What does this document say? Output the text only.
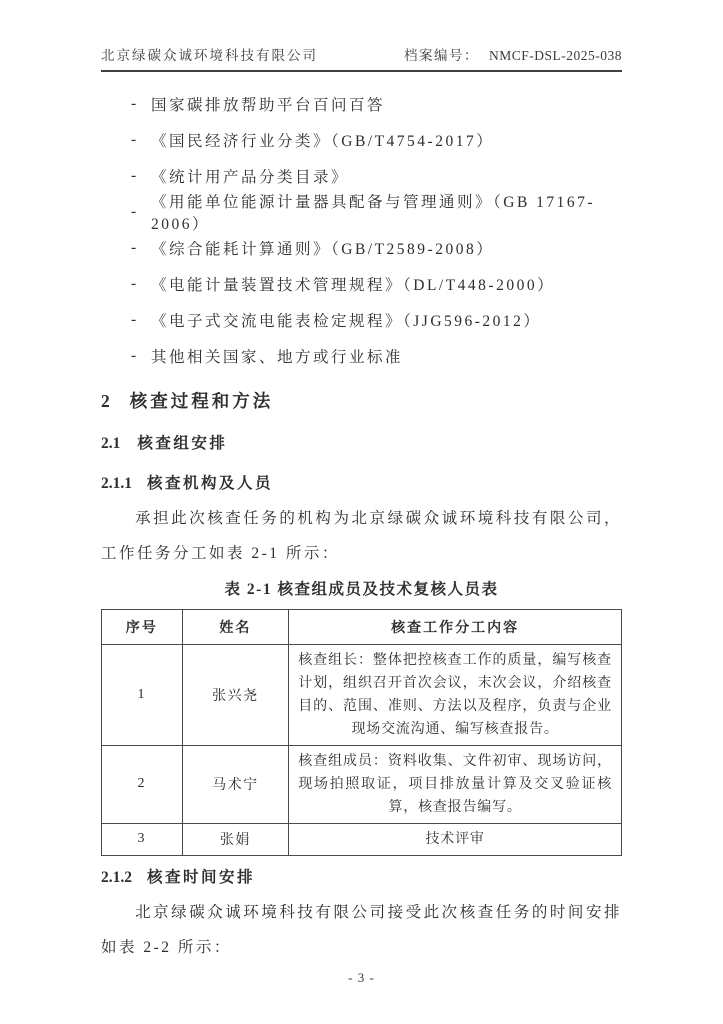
北京绿碳众诚环境科技有限公司	档案编号： NMCF-DSL-2025-038
- 国家碳排放帮助平台百问百答
- 《国民经济行业分类》（GB/T4754-2017）
- 《统计用产品分类目录》
-
《用能单位能源计量器具配备与管理通则》（GB 17167-2006）
- 《综合能耗计算通则》（GB/T2589-2008）
- 《电能计量装置技术管理规程》（DL/T448-2000）
- 《电子式交流电能表检定规程》（JJG596-2012）
- 其他相关国家、地方或行业标准
2 核查过程和方法
2.1 核查组安排
2.1.1 核查机构及人员

承担此次核查任务的机构为北京绿碳众诚环境科技有限公司，工作任务分工如表 2-1 所示：

表 2-1 核查组成员及技术复核人员表
序号	姓名	核查工作分工内容
1	张兴尧	核查组长：整体把控核查工作的质量，编写核查计划，组织召开首次会议，末次会议，介绍核查目的、范围、准则、方法以及程序，负责与企业现场交流沟通、编写核查报告。
2	马术宁	核查组成员：资料收集、文件初审、现场访问，现场拍照取证，项目排放量计算及交叉验证核算，核查报告编写。
3	张娟	技术评审
2.1.2 核查时间安排

北京绿碳众诚环境科技有限公司接受此次核查任务的时间安排如表 2-2 所示：

- 3 -
